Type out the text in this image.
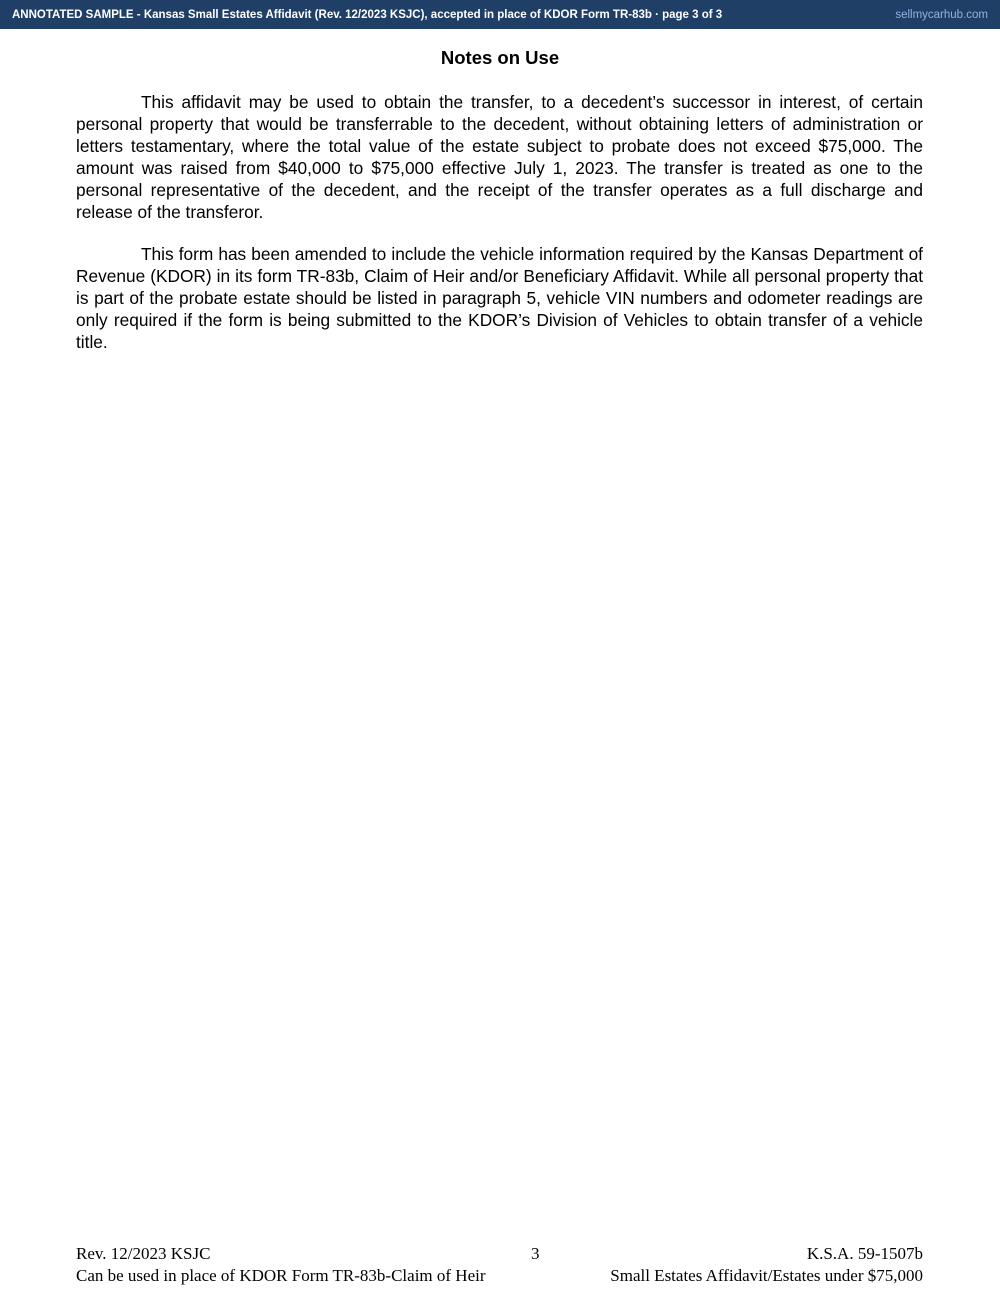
ANNOTATED SAMPLE - Kansas Small Estates Affidavit (Rev. 12/2023 KSJC), accepted in place of KDOR Form TR-83b · page 3 of 3	sellmycarhub.com
Notes on Use

This affidavit may be used to obtain the transfer, to a decedent’s successor in interest, of certain personal property that would be transferrable to the decedent, without obtaining letters of administration or letters testamentary, where the total value of the estate subject to probate does not exceed $75,000. The amount was raised from $40,000 to $75,000 effective July 1, 2023. The transfer is treated as one to the personal representative of the decedent, and the receipt of the transfer operates as a full discharge and release of the transferor.

This form has been amended to include the vehicle information required by the Kansas Department of Revenue (KDOR) in its form TR-83b, Claim of Heir and/or Beneficiary Affidavit. While all personal property that is part of the probate estate should be listed in paragraph 5, vehicle VIN numbers and odometer readings are only required if the form is being submitted to the KDOR’s Division of Vehicles to obtain transfer of a vehicle title.

Rev. 12/2023 KSJC	3	K.S.A. 59-1507b
Can be used in place of KDOR Form TR-83b-Claim of Heir	Small Estates Affidavit/Estates under $75,000
